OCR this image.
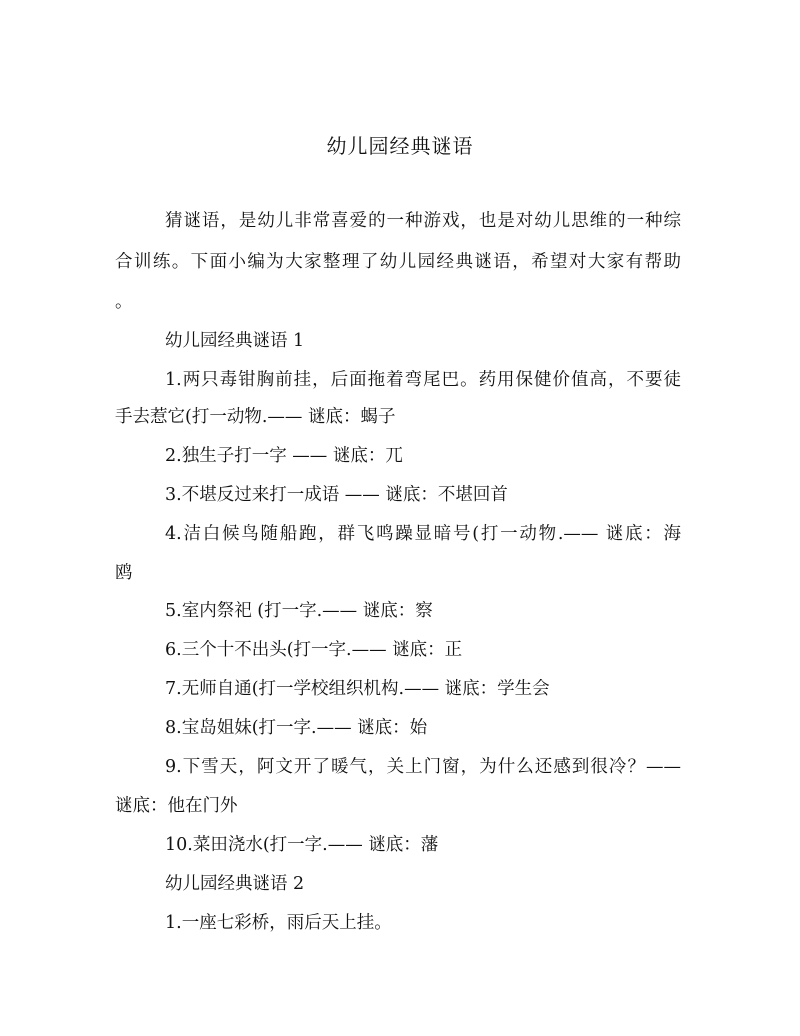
幼儿园经典谜语
猜谜语，是幼儿非常喜爱的一种游戏，也是对幼儿思维的一种综
合训练。下面小编为大家整理了幼儿园经典谜语，希望对大家有帮助
。
幼儿园经典谜语 1
1.两只毒钳胸前挂，后面拖着弯尾巴。药用保健价值高，不要徒
手去惹它(打一动物.—— 谜底：蝎子
2.独生子打一字 —— 谜底：兀
3.不堪反过来打一成语 —— 谜底：不堪回首
4.洁白候鸟随船跑，群飞鸣躁显暗号(打一动物.—— 谜底：海
鸥
5.室内祭祀 (打一字.—— 谜底：察
6.三个十不出头(打一字.—— 谜底：正
7.无师自通(打一学校组织机构.—— 谜底：学生会
8.宝岛姐妹(打一字.—— 谜底：始
9.下雪天，阿文开了暖气，关上门窗，为什么还感到很冷？——
谜底：他在门外
10.菜田浇水(打一字.—— 谜底：藩
幼儿园经典谜语 2
1.一座七彩桥，雨后天上挂。
